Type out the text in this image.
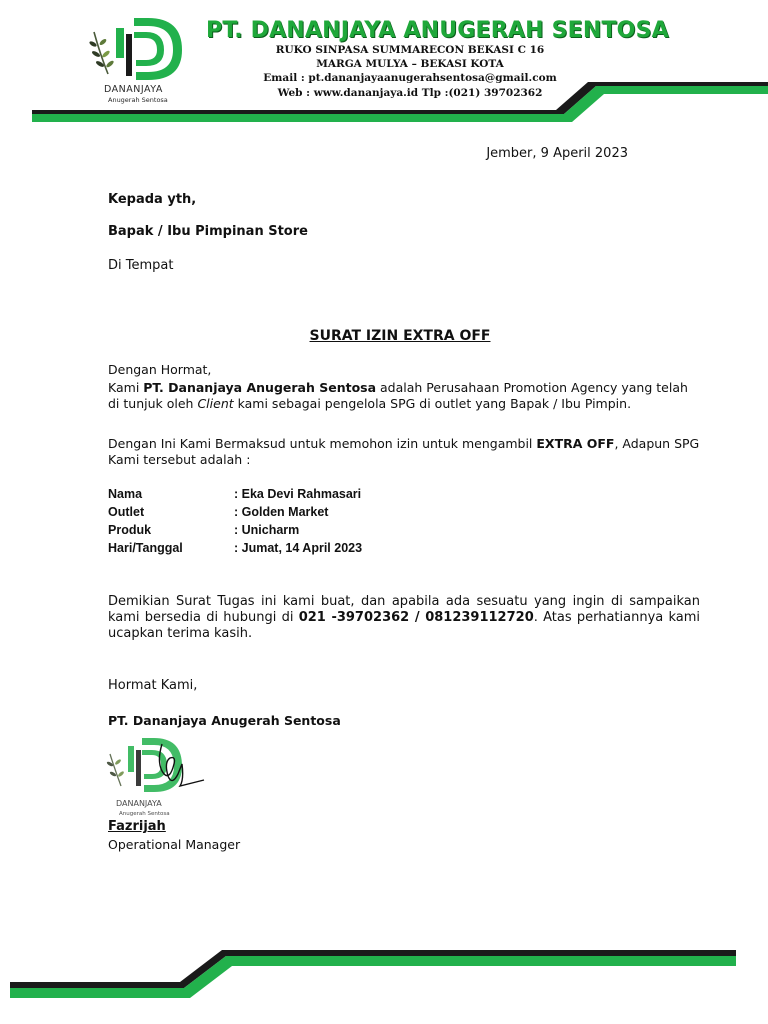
DANANJAYA
Anugerah Sentosa
PT. DANANJAYA ANUGERAH SENTOSA
RUKO SINPASA SUMMARECON BEKASI C 16
MARGA MULYA – BEKASI KOTA
Email : pt.dananjayaanugerahsentosa@gmail.com
Web : www.dananjaya.id Tlp :(021) 39702362
Jember, 9 Aperil 2023
Kepada yth,
Bapak / Ibu Pimpinan Store
Di Tempat
SURAT IZIN EXTRA OFF
Dengan Hormat,
Kami PT. Dananjaya Anugerah Sentosa adalah Perusahaan Promotion Agency yang telah di tunjuk oleh Client kami sebagai pengelola SPG di outlet yang Bapak / Ibu Pimpin.
Dengan Ini Kami Bermaksud untuk memohon izin untuk mengambil EXTRA OFF, Adapun SPG Kami tersebut adalah :
Nama	: Eka Devi Rahmasari
Outlet	: Golden Market
Produk	: Unicharm
Hari/Tanggal	: Jumat, 14 April 2023
Demikian Surat Tugas ini kami buat, dan apabila ada sesuatu yang ingin di sampaikan kami bersedia di hubungi di 021 -39702362 / 081239112720. Atas perhatiannya kami ucapkan terima kasih.
Hormat Kami,
PT. Dananjaya Anugerah Sentosa
DANANJAYA
Anugerah Sentosa
Fazrijah
Operational Manager
